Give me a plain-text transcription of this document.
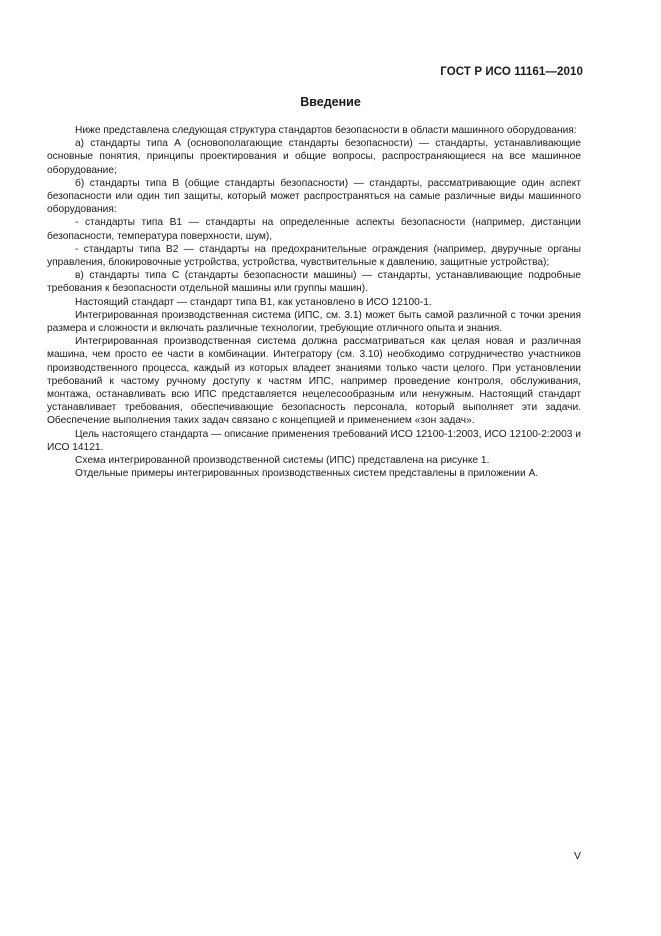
ГОСТ Р ИСО 11161—2010
Введение

Ниже представлена следующая структура стандартов безопасности в области машинного оборудования:

а) стандарты типа А (основополагающие стандарты безопасности) — стандарты, устанавливающие основные понятия, принципы проектирования и общие вопросы, распространяющиеся на все машинное оборудование;

б) стандарты типа В (общие стандарты безопасности) — стандарты, рассматривающие один аспект безопасности или один тип защиты, который может распространяться на самые различные виды машинного оборудования:

- стандарты типа В1 — стандарты на определенные аспекты безопасности (например, дистанции безопасности, температура поверхности, шум),

- стандарты типа В2 — стандарты на предохранительные ограждения (например, двуручные органы управления, блокировочные устройства, устройства, чувствительные к давлению, защитные устройства);

в) стандарты типа С (стандарты безопасности машины) — стандарты, устанавливающие подробные требования к безопасности отдельной машины или группы машин).

Настоящий стандарт — стандарт типа В1, как установлено в ИСО 12100-1.

Интегрированная производственная система (ИПС, см. 3.1) может быть самой различной с точки зрения размера и сложности и включать различные технологии, требующие отличного опыта и знания.

Интегрированная производственная система должна рассматриваться как целая новая и различная машина, чем просто ее части в комбинации. Интегратору (см. 3.10) необходимо сотрудничество участников производственного процесса, каждый из которых владеет знаниями только части целого. При установлении требований к частому ручному доступу к частям ИПС, например проведение контроля, обслуживания, монтажа, останавливать всю ИПС представляется нецелесообразным или ненужным. Настоящий стандарт устанавливает требования, обеспечивающие безопасность персонала, который выполняет эти задачи. Обеспечение выполнения таких задач связано с концепцией и применением «зон задач».

Цель настоящего стандарта — описание применения требований ИСО 12100-1:2003, ИСО 12100-2:2003 и ИСО 14121.

Схема интегрированной производственной системы (ИПС) представлена на рисунке 1.

Отдельные примеры интегрированных производственных систем представлены в приложении А.

V
